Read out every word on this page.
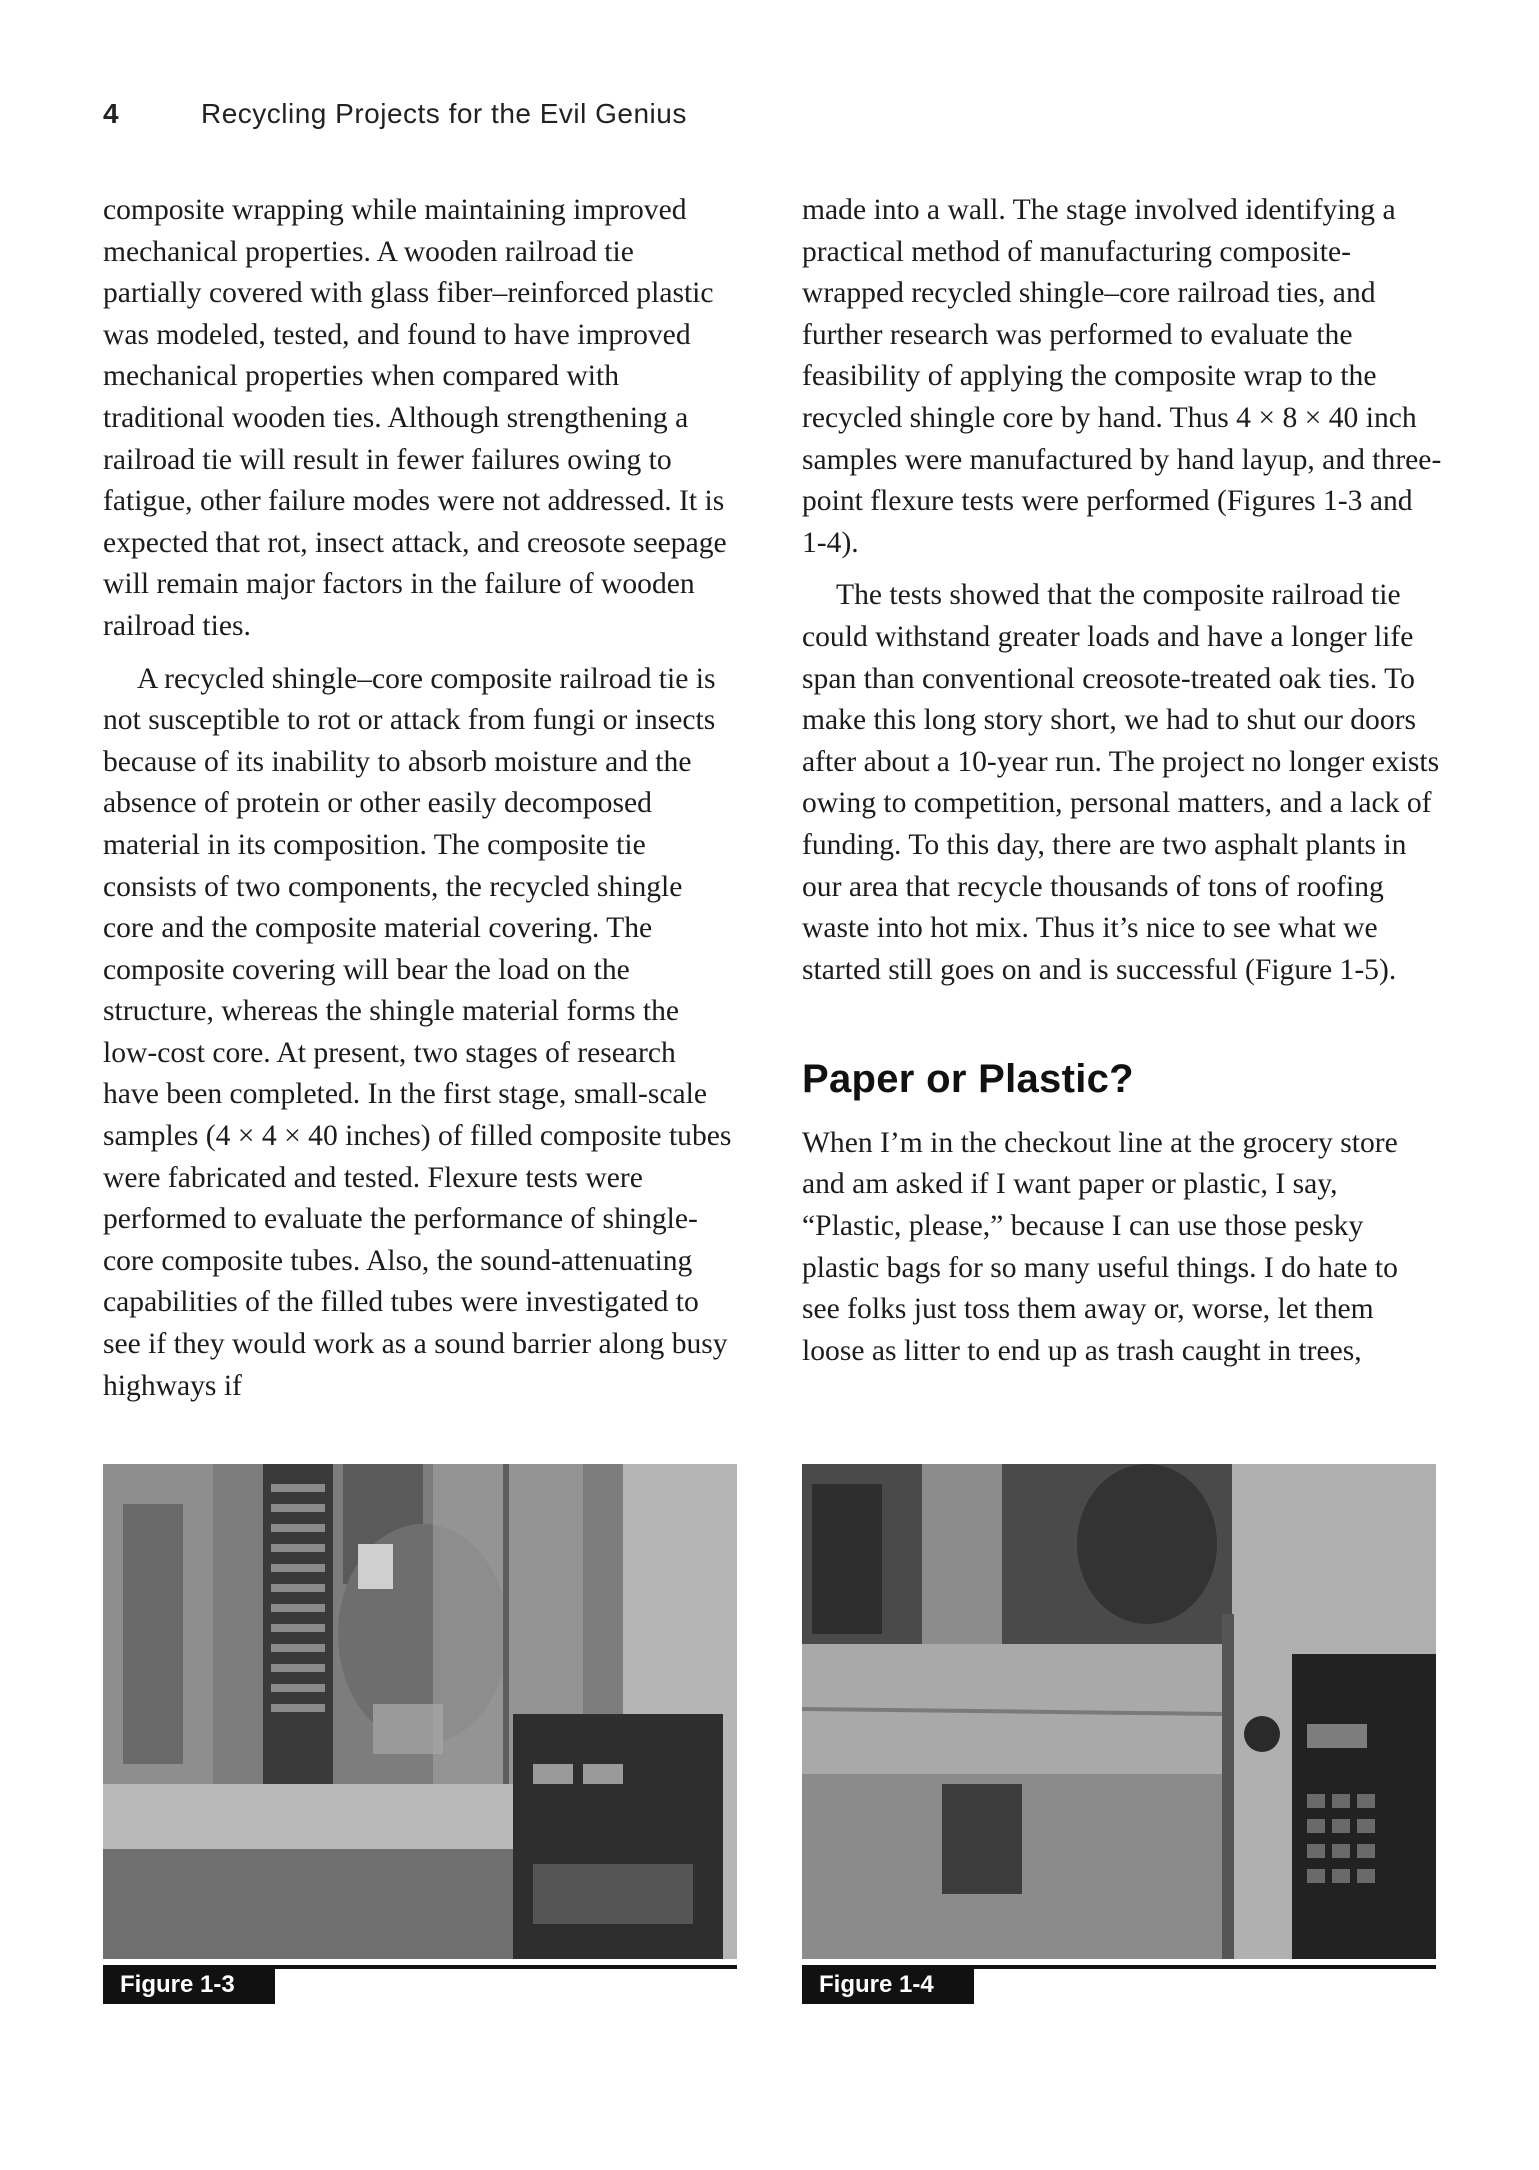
4	Recycling Projects for the Evil Genius

composite wrapping while maintaining improved mechanical properties. A wooden railroad tie partially covered with glass fiber–reinforced plastic was modeled, tested, and found to have improved mechanical properties when compared with traditional wooden ties. Although strengthening a railroad tie will result in fewer failures owing to fatigue, other failure modes were not addressed. It is expected that rot, insect attack, and creosote seepage will remain major factors in the failure of wooden railroad ties.

A recycled shingle–core composite railroad tie is not susceptible to rot or attack from fungi or insects because of its inability to absorb moisture and the absence of protein or other easily decomposed material in its composition. The composite tie consists of two components, the recycled shingle core and the composite material covering. The composite covering will bear the load on the structure, whereas the shingle material forms the low-cost core. At present, two stages of research have been completed. In the first stage, small-scale samples (4 × 4 × 40 inches) of filled composite tubes were fabricated and tested. Flexure tests were performed to evaluate the performance of shingle-core composite tubes. Also, the sound-attenuating capabilities of the filled tubes were investigated to see if they would work as a sound barrier along busy highways if

made into a wall. The stage involved identifying a practical method of manufacturing composite-wrapped recycled shingle–core railroad ties, and further research was performed to evaluate the feasibility of applying the composite wrap to the recycled shingle core by hand. Thus 4 × 8 × 40 inch samples were manufactured by hand layup, and three-point flexure tests were performed (Figures 1-3 and 1-4).

The tests showed that the composite railroad tie could withstand greater loads and have a longer life span than conventional creosote-treated oak ties. To make this long story short, we had to shut our doors after about a 10-year run. The project no longer exists owing to competition, personal matters, and a lack of funding. To this day, there are two asphalt plants in our area that recycle thousands of tons of roofing waste into hot mix. Thus it’s nice to see what we started still goes on and is successful (Figure 1-5).

Paper or Plastic?

When I’m in the checkout line at the grocery store and am asked if I want paper or plastic, I say, “Plastic, please,” because I can use those pesky plastic bags for so many useful things. I do hate to see folks just toss them away or, worse, let them loose as litter to end up as trash caught in trees,

Figure 1-3	Figure 1-4
